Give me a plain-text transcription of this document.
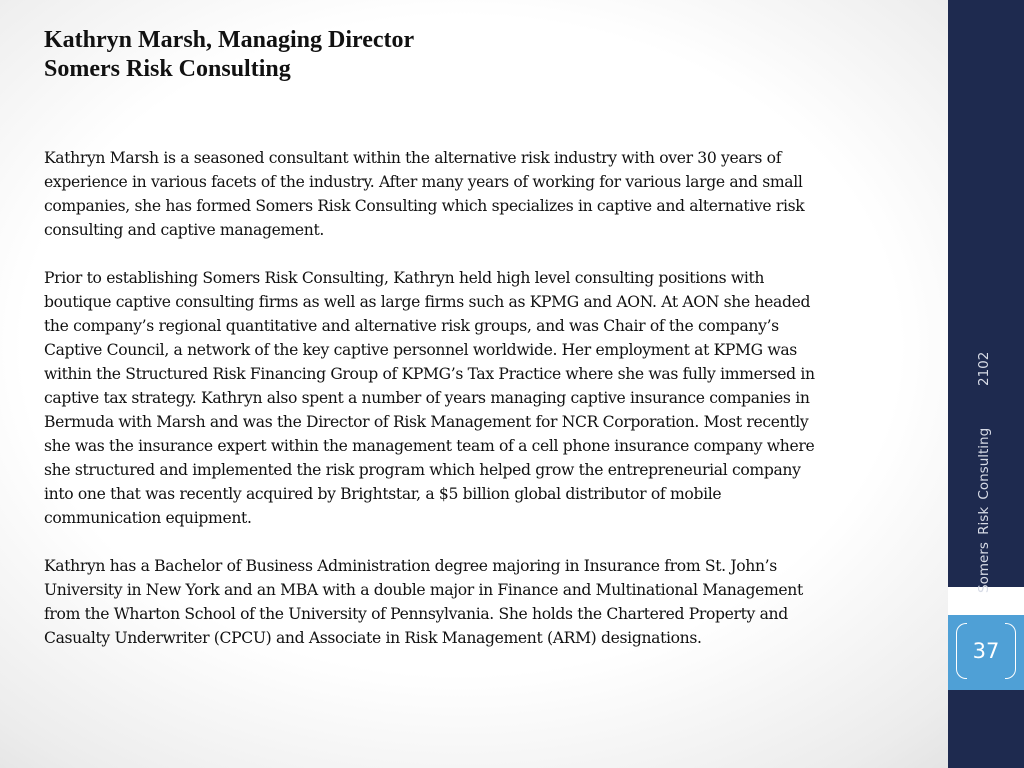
Kathryn Marsh, Managing Director
Somers Risk Consulting
Kathryn Marsh is a seasoned consultant within the alternative risk industry with over 30 years of
experience in various facets of the industry. After many years of working for various large and small
companies, she has formed Somers Risk Consulting which specializes in captive and alternative risk
consulting and captive management.
Prior to establishing Somers Risk Consulting, Kathryn held high level consulting positions with
boutique captive consulting firms as well as large firms such as KPMG and AON. At AON she headed
the company’s regional quantitative and alternative risk groups, and was Chair of the company’s
Captive Council, a network of the key captive personnel worldwide. Her employment at KPMG was
within the Structured Risk Financing Group of KPMG’s Tax Practice where she was fully immersed in
captive tax strategy. Kathryn also spent a number of years managing captive insurance companies in
Bermuda with Marsh and was the Director of Risk Management for NCR Corporation. Most recently
she was the insurance expert within the management team of a cell phone insurance company where
she structured and implemented the risk program which helped grow the entrepreneurial company
into one that was recently acquired by Brightstar, a $5 billion global distributor of mobile
communication equipment.
Kathryn has a Bachelor of Business Administration degree majoring in Insurance from St. John’s
University in New York and an MBA with a double major in Finance and Multinational Management
from the Wharton School of the University of Pennsylvania. She holds the Chartered Property and
Casualty Underwriter (CPCU) and Associate in Risk Management (ARM) designations.
37
Somers Risk Consulting
2102
